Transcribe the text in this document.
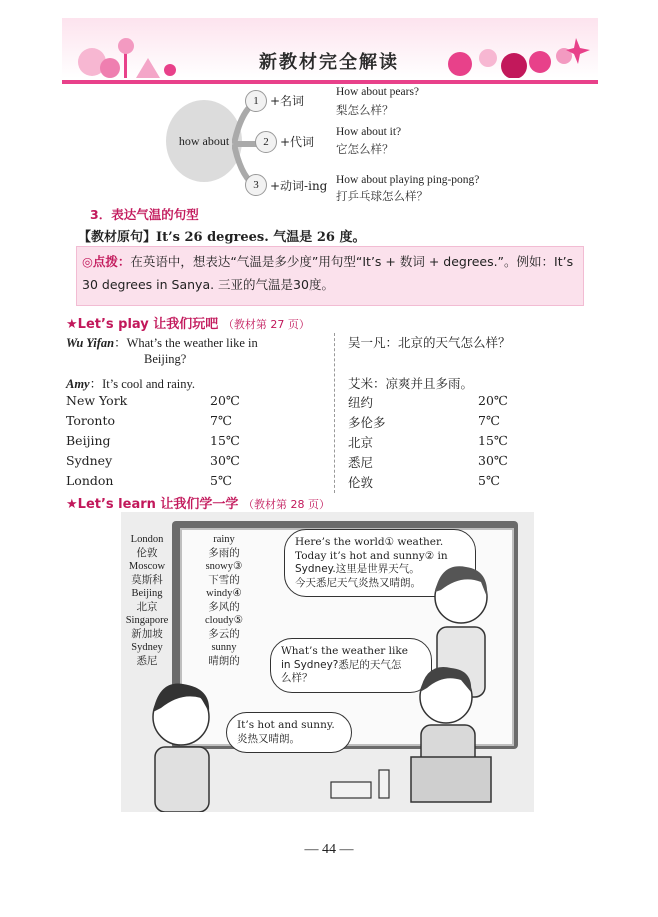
新教材完全解读
how about
1 +名词
How about pears?
梨怎么样？
2 +代词
How about it?
它怎么样？
3 +动词-ing How about playing ping-pong?
打乒乓球怎么样？
3．表达气温的句型
【教材原句】It’s 26 degrees. 气温是 26 度。
◎点拨：在英语中，想表达“气温是多少度”用句型“It’s + 数词 + degrees.”。例如：It’s 30 degrees in Sanya. 三亚的气温是30度。
★Let’s play 让我们玩吧 （教材第 27 页）
Wu Yifan：What’s the weather like in
Beijing?
Amy：It’s cool and rainy.
吴一凡：北京的天气怎么样？
艾米：凉爽并且多雨。
New York	20℃	纽约	20℃
Toronto	7℃	多伦多	7℃
Beijing	15℃	北京	15℃
Sydney	30℃	悉尼	30℃
London	5℃	伦敦	5℃
★Let’s learn 让我们学一学 （教材第 28 页）
London
伦敦
Moscow
莫斯科
Beijing
北京
Singapore
新加坡
Sydney
悉尼
rainy
多雨的
snowy③
下雪的
windy④
多风的
cloudy⑤
多云的
sunny
晴朗的
Here’s the world① weather.
Today it’s hot and sunny② in
Sydney.这里是世界天气。
今天悉尼天气炎热又晴朗。
What’s the weather like
in Sydney?悉尼的天气怎
么样？
It’s hot and sunny.
炎热又晴朗。
— 44 —
